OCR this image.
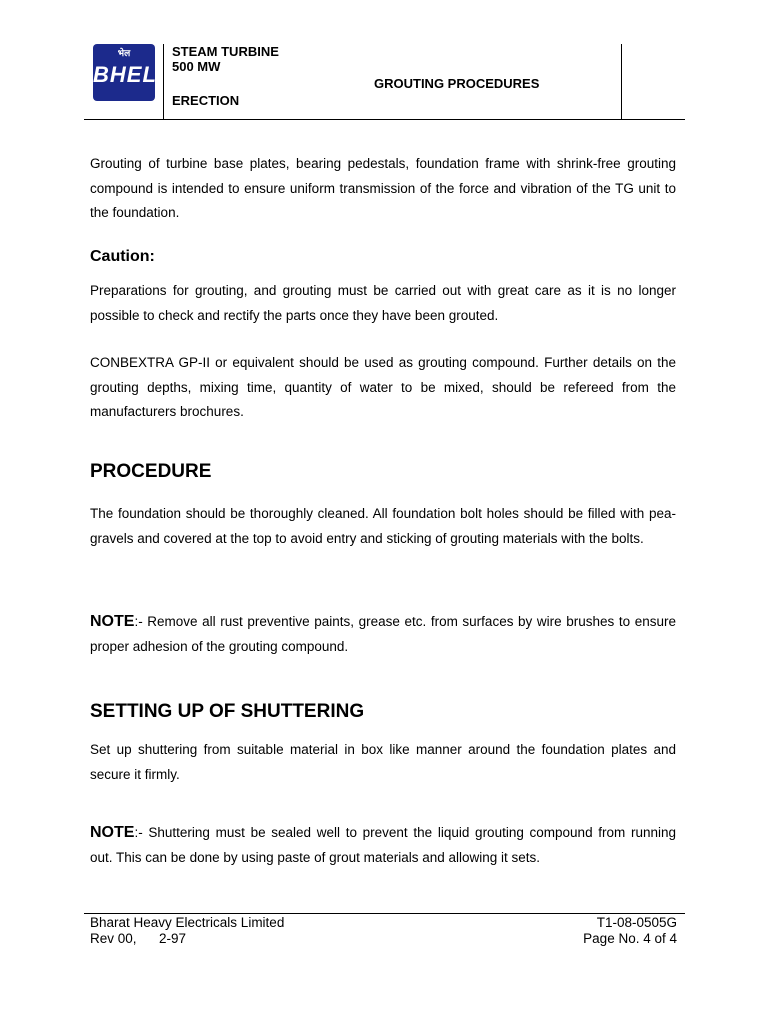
भेल
BHEL
STEAM TURBINE
500 MW
ERECTION
GROUTING PROCEDURES
Grouting of turbine base plates, bearing pedestals, foundation frame with shrink-free grouting compound is intended to ensure uniform transmission of the force and vibration of the TG unit to the foundation.
Caution:
Preparations for grouting, and grouting must be carried out with great care as it is no longer possible to check and rectify the parts once they have been grouted.
CONBEXTRA GP-II or equivalent should be used as grouting compound. Further details on the grouting depths, mixing time, quantity of water to be mixed, should be refereed from the manufacturers brochures.
PROCEDURE
The foundation should be thoroughly cleaned. All foundation bolt holes should be filled with pea-gravels and covered at the top to avoid entry and sticking of grouting materials with the bolts.
NOTE:- Remove all rust preventive paints, grease etc. from surfaces by wire brushes to ensure proper adhesion of the grouting compound.
SETTING UP OF SHUTTERING
Set up shuttering from suitable material in box like manner around the foundation plates and secure it firmly.
NOTE:- Shuttering must be sealed well to prevent the liquid grouting compound from running out. This can be done by using paste of grout materials and allowing it sets.
Bharat Heavy Electricals Limited
Rev 00,      2-97
T1-08-0505G
Page No. 4 of 4
